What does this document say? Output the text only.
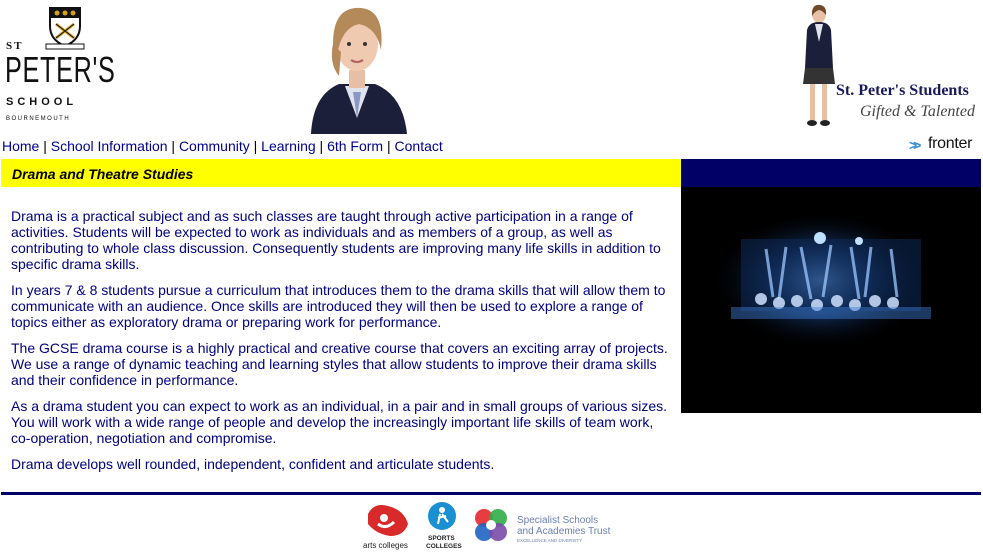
ST
PETER'S
SCHOOL
BOURNEMOUTH
St. Peter's Students
Gifted & Talented
Home | School Information | Community | Learning | 6th Form | Contact	>> fronter
Drama and Theatre Studies

Drama is a practical subject and as such classes are taught through active participation in a range of activities. Students will be expected to work as individuals and as members of a group, as well as contributing to whole class discussion. Consequently students are improving many life skills in addition to specific drama skills.

In years 7 & 8 students pursue a curriculum that introduces them to the drama skills that will allow them to communicate with an audience. Once skills are introduced they will then be used to explore a range of topics either as exploratory drama or preparing work for performance.

The GCSE drama course is a highly practical and creative course that covers an exciting array of projects. We use a range of dynamic teaching and learning styles that allow students to improve their drama skills and their confidence in performance.

As a drama student you can expect to work as an individual, in a pair and in small groups of various sizes. You will work with a wide range of people and develop the increasingly important life skills of team work, co-operation, negotiation and compromise.

Drama develops well rounded, independent, confident and articulate students.

arts colleges
SPORTS
COLLEGES
Specialist Schools
and Academies Trust
EXCELLENCE AND DIVERSITY
